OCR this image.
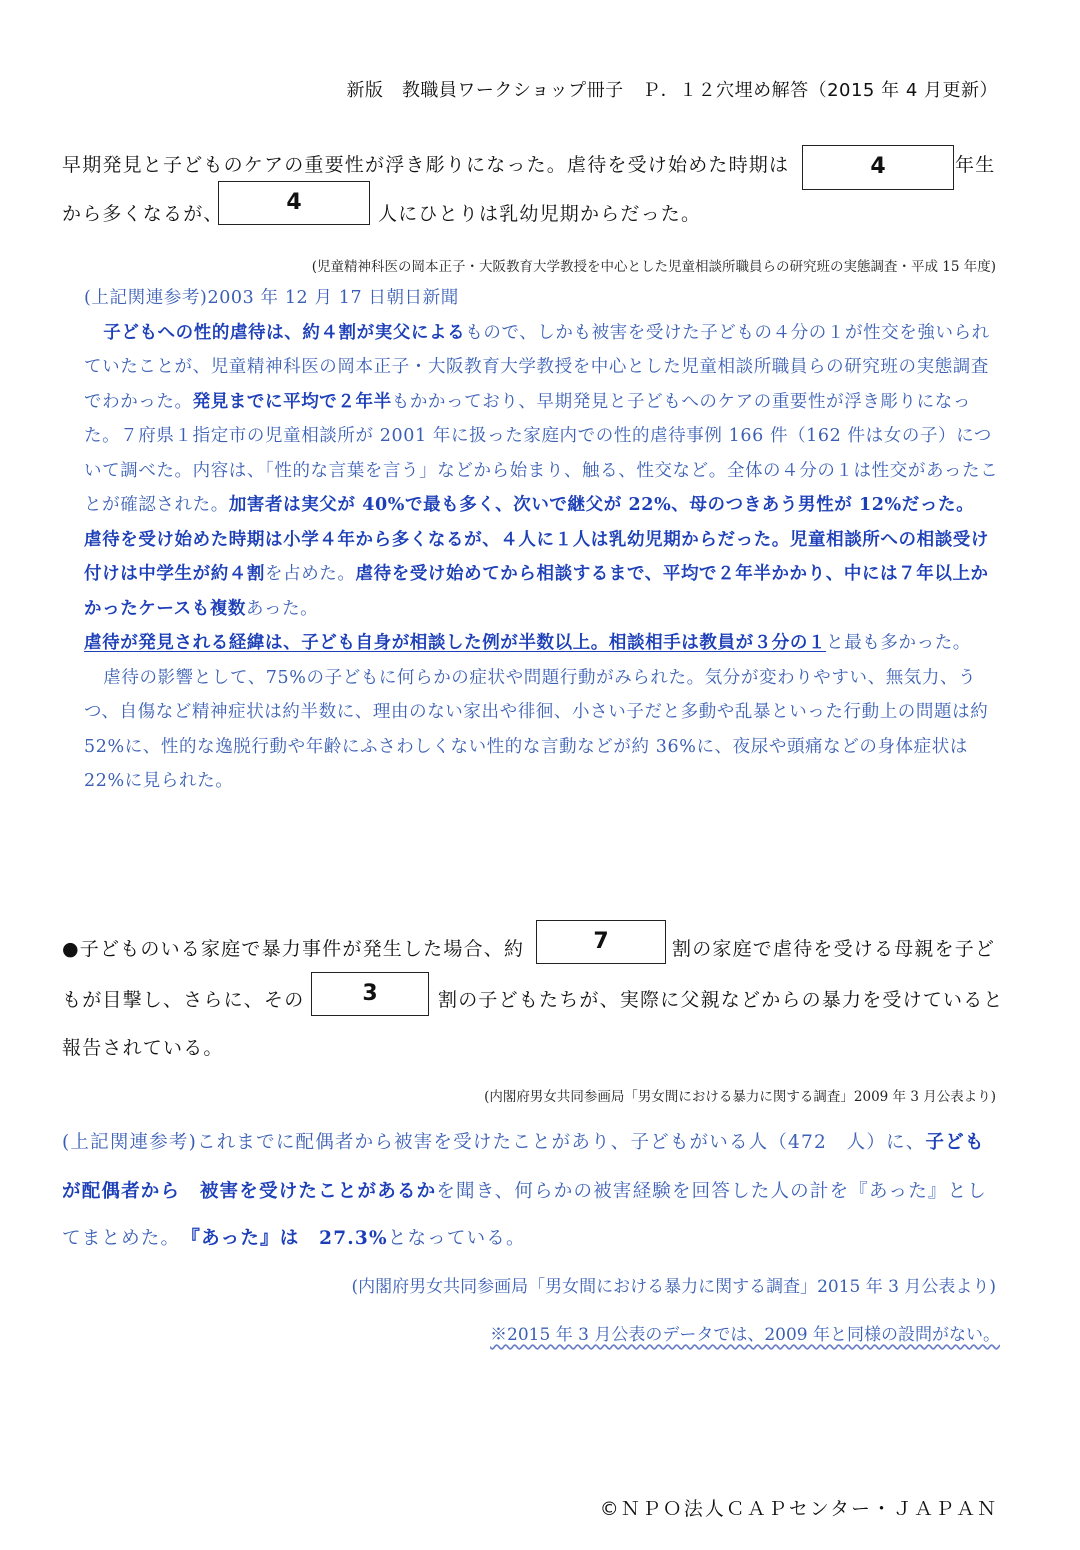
新版　教職員ワークショップ冊子　Ｐ．１２穴埋め解答（2015 年 4 月更新）
早期発見と子どものケアの重要性が浮き彫りになった。虐待を受け始めた時期は	4	年生
から多くなるが、	4	人にひとりは乳幼児期からだった。
(児童精神科医の岡本正子・大阪教育大学教授を中心とした児童相談所職員らの研究班の実態調査・平成 15 年度)

(上記関連参考)2003 年 12 月 17 日朝日新聞

子どもへの性的虐待は、約４割が実父によるもので、しかも被害を受けた子どもの４分の１が性交を強いられていたことが、児童精神科医の岡本正子・大阪教育大学教授を中心とした児童相談所職員らの研究班の実態調査でわかった。発見までに平均で２年半もかかっており、早期発見と子どもへのケアの重要性が浮き彫りになった。７府県１指定市の児童相談所が 2001 年に扱った家庭内での性的虐待事例 166 件（162 件は女の子）について調べた。内容は、「性的な言葉を言う」などから始まり、触る、性交など。全体の４分の１は性交があったことが確認された。加害者は実父が 40%で最も多く、次いで継父が 22%、母のつきあう男性が 12%だった。

虐待を受け始めた時期は小学４年から多くなるが、４人に１人は乳幼児期からだった。児童相談所への相談受け付けは中学生が約４割を占めた。虐待を受け始めてから相談するまで、平均で２年半かかり、中には７年以上かかったケースも複数あった。

虐待が発見される経緯は、子ども自身が相談した例が半数以上。相談相手は教員が３分の１と最も多かった。

虐待の影響として、75%の子どもに何らかの症状や問題行動がみられた。気分が変わりやすい、無気力、うつ、自傷など精神症状は約半数に、理由のない家出や徘徊、小さい子だと多動や乱暴といった行動上の問題は約 52%に、性的な逸脱行動や年齢にふさわしくない性的な言動などが約 36%に、夜尿や頭痛などの身体症状は 22%に見られた。

●子どものいる家庭で暴力事件が発生した場合、約	7	割の家庭で虐待を受ける母親を子ど
もが目撃し、さらに、その	3	割の子どもたちが、実際に父親などからの暴力を受けていると
報告されている。
(内閣府男女共同参画局「男女間における暴力に関する調査」2009 年 3 月公表より)
(上記関連参考)これまでに配偶者から被害を受けたことがあり、子どもがいる人（472　人）に、子ども
が配偶者から　被害を受けたことがあるかを聞き、何らかの被害経験を回答した人の計を『あった』とし
てまとめた。　『あった』は　27.3%となっている。
(内閣府男女共同参画局「男女間における暴力に関する調査」2015 年 3 月公表より)
※2015 年 3 月公表のデータでは、2009 年と同様の設問がない。
©ＮＰＯ法人ＣＡＰセンター・ＪＡＰＡＮ
